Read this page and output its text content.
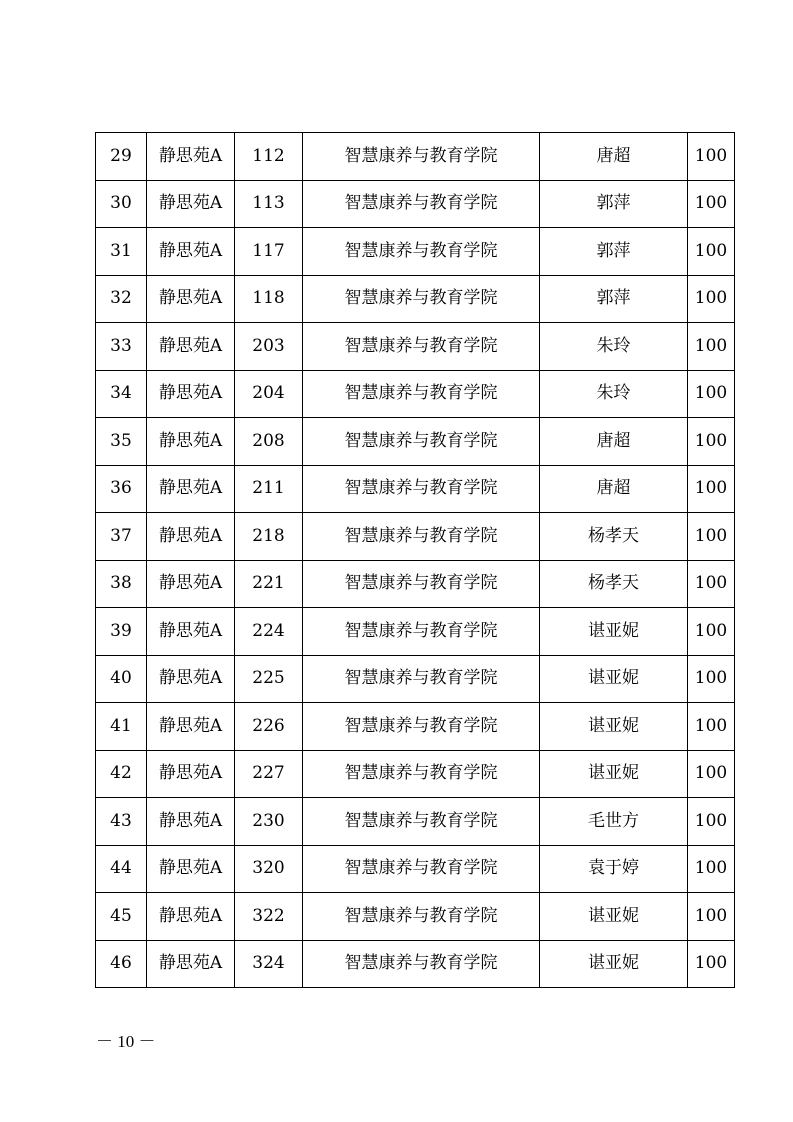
29	静思苑A	112	智慧康养与教育学院	唐超	100
30	静思苑A	113	智慧康养与教育学院	郭萍	100
31	静思苑A	117	智慧康养与教育学院	郭萍	100
32	静思苑A	118	智慧康养与教育学院	郭萍	100
33	静思苑A	203	智慧康养与教育学院	朱玲	100
34	静思苑A	204	智慧康养与教育学院	朱玲	100
35	静思苑A	208	智慧康养与教育学院	唐超	100
36	静思苑A	211	智慧康养与教育学院	唐超	100
37	静思苑A	218	智慧康养与教育学院	杨孝天	100
38	静思苑A	221	智慧康养与教育学院	杨孝天	100
39	静思苑A	224	智慧康养与教育学院	谌亚妮	100
40	静思苑A	225	智慧康养与教育学院	谌亚妮	100
41	静思苑A	226	智慧康养与教育学院	谌亚妮	100
42	静思苑A	227	智慧康养与教育学院	谌亚妮	100
43	静思苑A	230	智慧康养与教育学院	毛世方	100
44	静思苑A	320	智慧康养与教育学院	袁于婷	100
45	静思苑A	322	智慧康养与教育学院	谌亚妮	100
46	静思苑A	324	智慧康养与教育学院	谌亚妮	100
－ 10 －
